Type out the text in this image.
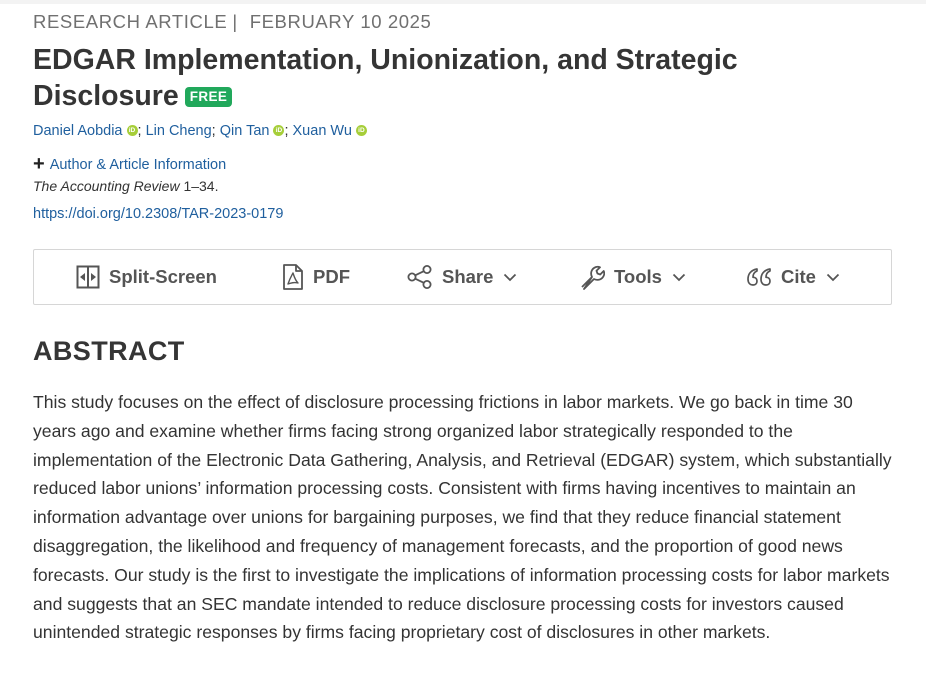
RESEARCH ARTICLE | FEBRUARY 10 2025
EDGAR Implementation, Unionization, and Strategic Disclosure FREE
Daniel Aobdia iD ; Lin Cheng; Qin Tan iD ; Xuan Wu iD
+ Author & Article Information
The Accounting Review 1–34.
https://doi.org/10.2308/TAR-2023-0179
Split-Screen	PDF	Share	Tools	Cite
ABSTRACT

This study focuses on the effect of disclosure processing frictions in labor markets. We go back in time 30 years ago and examine whether firms facing strong organized labor strategically responded to the implementation of the Electronic Data Gathering, Analysis, and Retrieval (EDGAR) system, which substantially reduced labor unions’ information processing costs. Consistent with firms having incentives to maintain an information advantage over unions for bargaining purposes, we find that they reduce financial statement disaggregation, the likelihood and frequency of management forecasts, and the proportion of good news forecasts. Our study is the first to investigate the implications of information processing costs for labor markets and suggests that an SEC mandate intended to reduce disclosure processing costs for investors caused unintended strategic responses by firms facing proprietary cost of disclosures in other markets.
